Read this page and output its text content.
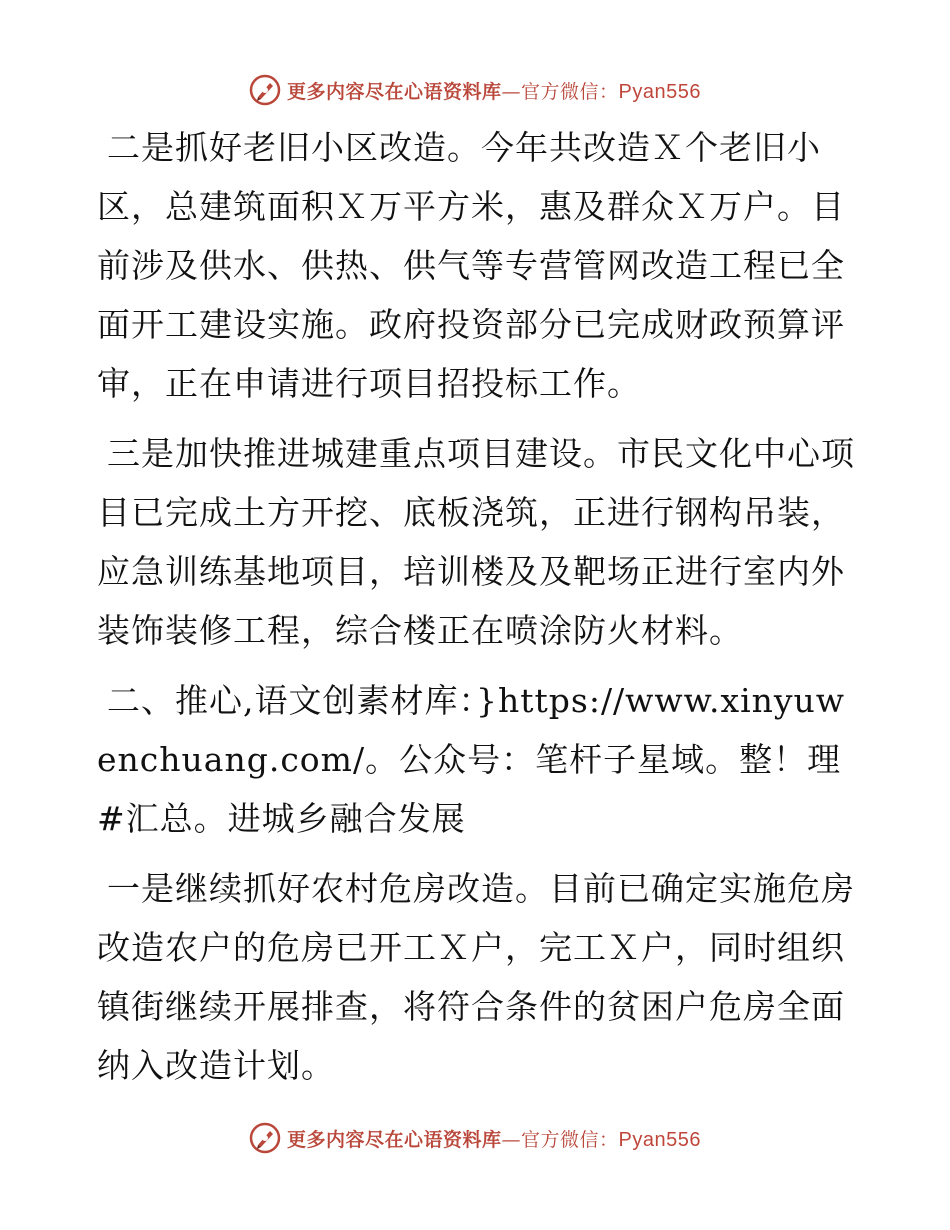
更多内容尽在心语资料库—官方微信：Pyan556

二是抓好老旧小区改造。今年共改造Ｘ个老旧小区，总建筑面积Ｘ万平方米，惠及群众Ｘ万户。目前涉及供水、供热、供气等专营管网改造工程已全面开工建设实施。政府投资部分已完成财政预算评审，正在申请进行项目招投标工作。

三是加快推进城建重点项目建设。市民文化中心项目已完成土方开挖、底板浇筑，正进行钢构吊装，应急训练基地项目，培训楼及及靶场正进行室内外装饰装修工程，综合楼正在喷涂防火材料。

二、推心,语文创素材库：}https://www.xinyuwenchuang.com/。公众号：笔杆子星域。整！理#汇总。进城乡融合发展

一是继续抓好农村危房改造。目前已确定实施危房改造农户的危房已开工Ｘ户，完工Ｘ户，同时组织镇街继续开展排查，将符合条件的贫困户危房全面纳入改造计划。

更多内容尽在心语资料库—官方微信：Pyan556
